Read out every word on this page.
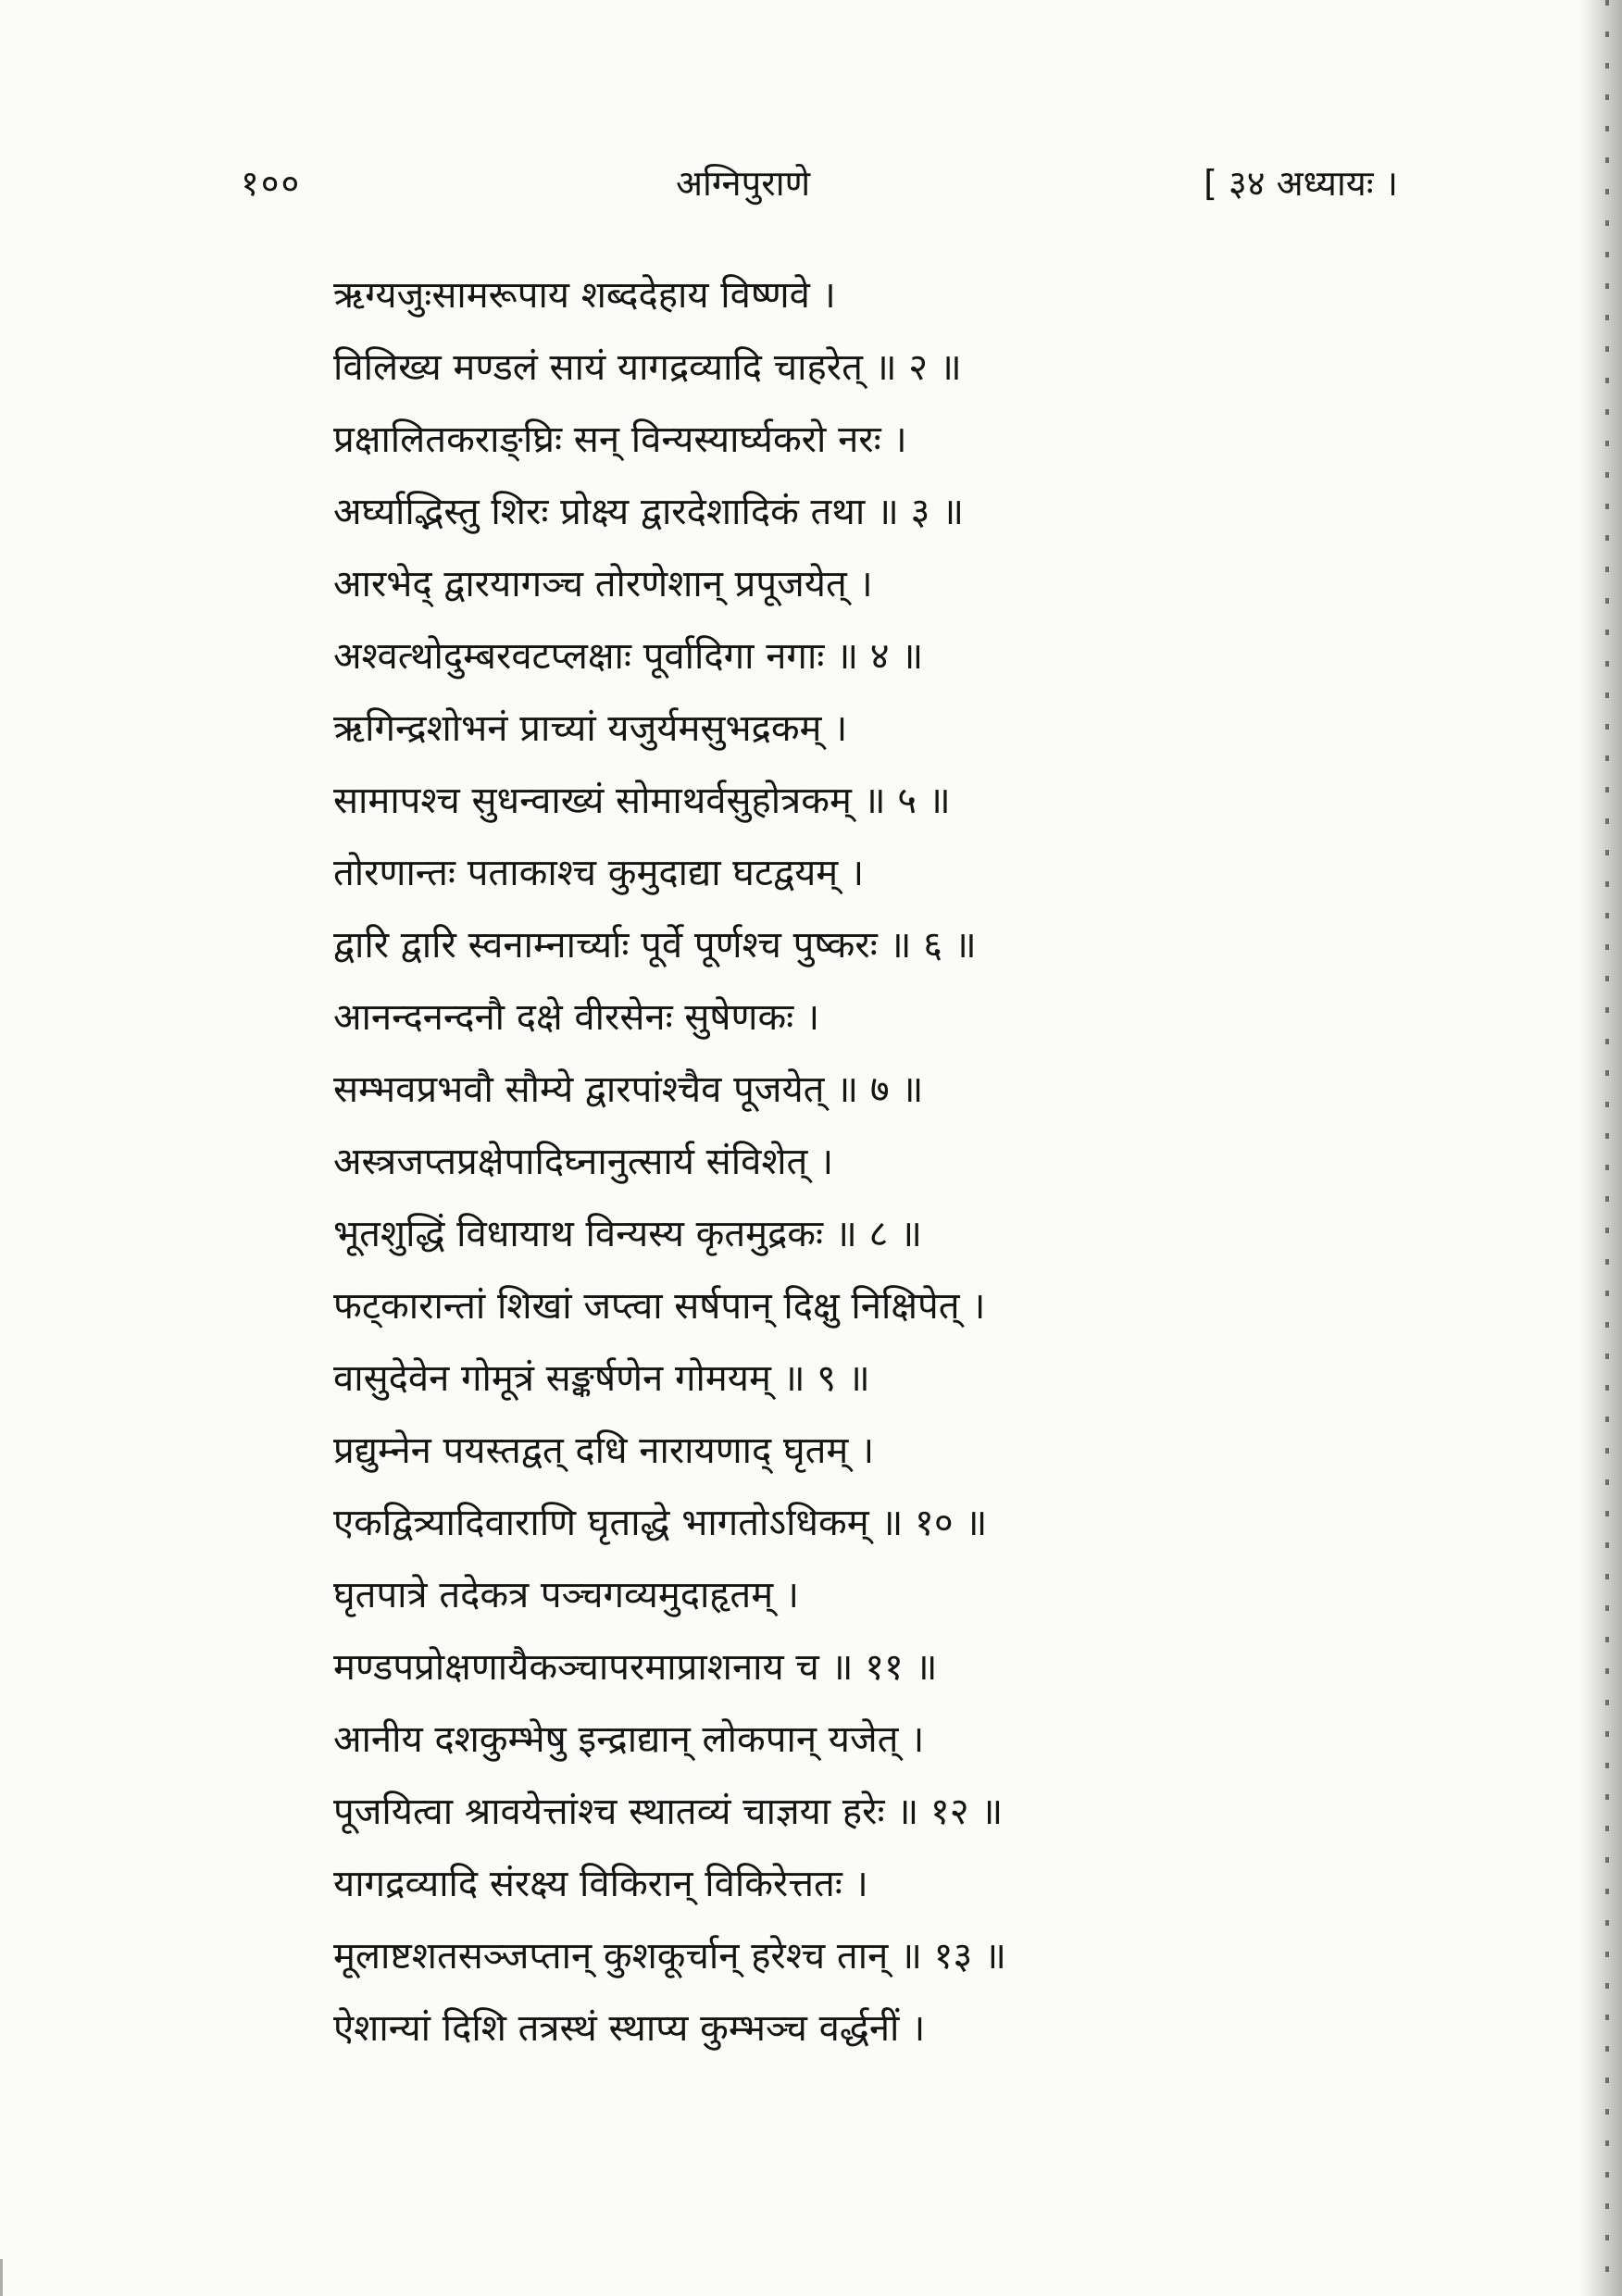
१००	अग्निपुराणे	[ ३४ अध्यायः ।
ऋग्यजुःसामरूपाय शब्ददेहाय विष्णवे ।
विलिख्य मण्डलं सायं यागद्रव्यादि चाहरेत् ॥ २ ॥
प्रक्षालितकराङ्घ्रिः सन् विन्यस्यार्घ्यकरो नरः ।
अर्घ्याद्भिस्तु शिरः प्रोक्ष्य द्वारदेशादिकं तथा ॥ ३ ॥
आरभेद् द्वारयागञ्च तोरणेशान् प्रपूजयेत् ।
अश्वत्थोदुम्बरवटप्लक्षाः पूर्वादिगा नगाः ॥ ४ ॥
ऋगिन्द्रशोभनं प्राच्यां यजुर्यमसुभद्रकम् ।
सामापश्च सुधन्वाख्यं सोमाथर्वसुहोत्रकम् ॥ ५ ॥
तोरणान्तः पताकाश्च कुमुदाद्या घटद्वयम् ।
द्वारि द्वारि स्वनाम्नार्च्याः पूर्वे पूर्णश्च पुष्करः ॥ ६ ॥
आनन्दनन्दनौ दक्षे वीरसेनः सुषेणकः ।
सम्भवप्रभवौ सौम्ये द्वारपांश्चैव पूजयेत् ॥ ७ ॥
अस्त्रजप्तप्रक्षेपादिघ्नानुत्सार्य संविशेत् ।
भूतशुद्धिं विधायाथ विन्यस्य कृतमुद्रकः ॥ ८ ॥
फट्कारान्तां शिखां जप्त्वा सर्षपान् दिक्षु निक्षिपेत् ।
वासुदेवेन गोमूत्रं सङ्कर्षणेन गोमयम् ॥ ९ ॥
प्रद्युम्नेन पयस्तद्वत् दधि नारायणाद् घृतम् ।
एकद्वित्र्यादिवाराणि घृताद्धे भागतोऽधिकम् ॥ १० ॥
घृतपात्रे तदेकत्र पञ्चगव्यमुदाहृतम् ।
मण्डपप्रोक्षणायैकञ्चापरमाप्राशनाय च ॥ ११ ॥
आनीय दशकुम्भेषु इन्द्राद्यान् लोकपान् यजेत् ।
पूजयित्वा श्रावयेत्तांश्च स्थातव्यं चाज्ञया हरेः ॥ १२ ॥
यागद्रव्यादि संरक्ष्य विकिरान् विकिरेत्ततः ।
मूलाष्टशतसञ्जप्तान् कुशकूर्चान् हरेश्च तान् ॥ १३ ॥
ऐशान्यां दिशि तत्रस्थं स्थाप्य कुम्भञ्च वर्द्धनीं ।
